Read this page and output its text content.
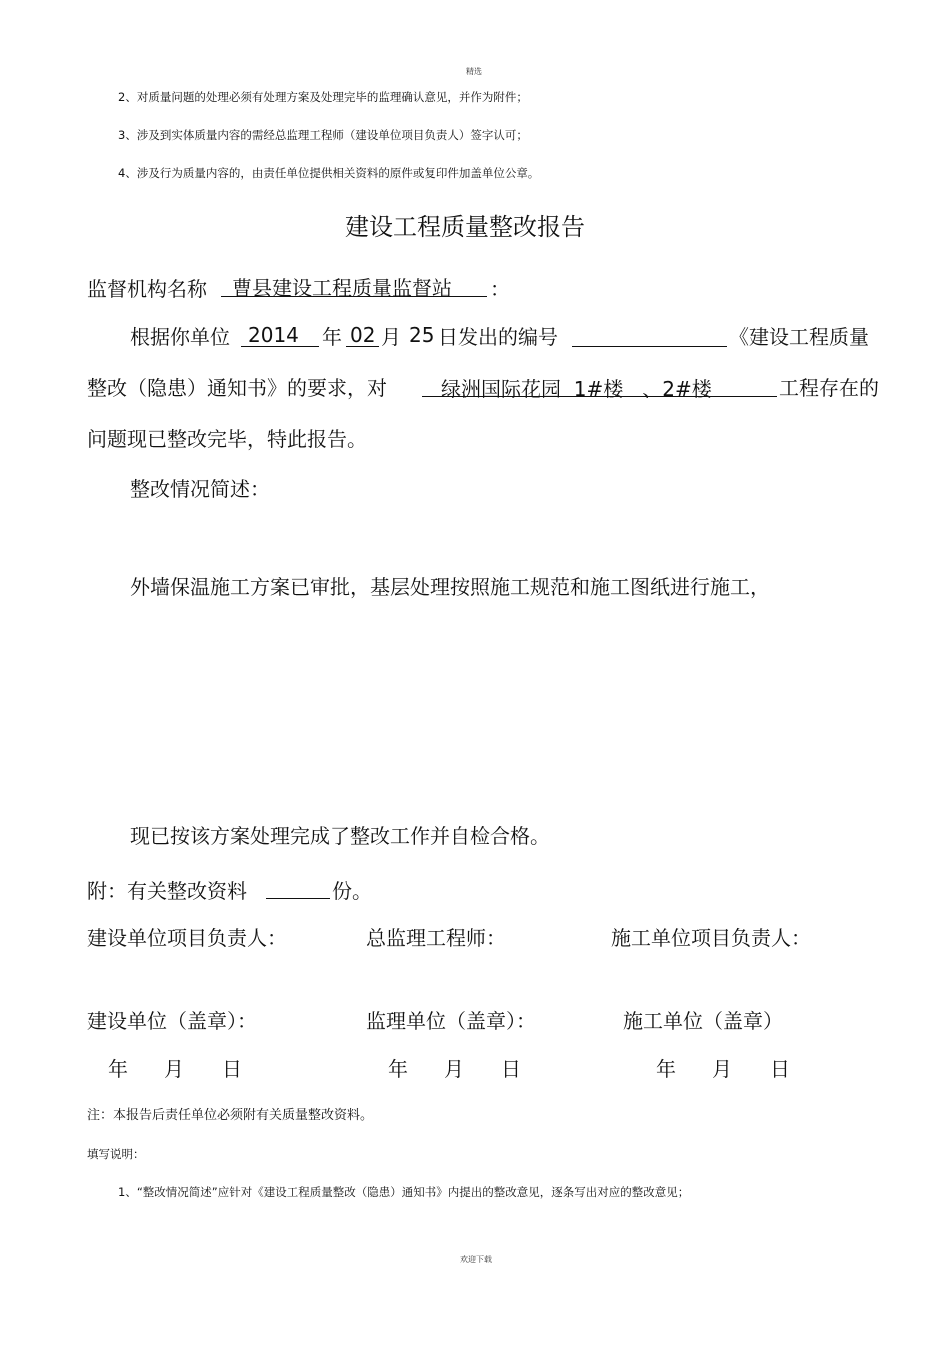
精选
2、对质量问题的处理必须有处理方案及处理完毕的监理确认意见，并作为附件；
3、涉及到实体质量内容的需经总监理工程师（建设单位项目负责人）签字认可；
4、涉及行为质量内容的，由责任单位提供相关资料的原件或复印件加盖单位公章。
建设工程质量整改报告
监督机构名称 曹县建设工程质量监督站 ：
根据你单位 2014 年 02 月 25 日发出的编号	《建设工程质量
整改（隐患）通知书》的要求，对	绿洲国际花园  1#楼   、2#楼	工程存在的
问题现已整改完毕，特此报告。
整改情况简述：
外墙保温施工方案已审批，基层处理按照施工规范和施工图纸进行施工，
现已按该方案处理完成了整改工作并自检合格。
附：有关整改资料	份。
建设单位项目负责人：	总监理工程师：	施工单位项目负责人：
建设单位（盖章）：	监理单位（盖章）：	施工单位（盖章）
年 月 日	年 月 日	年 月 日
注：本报告后责任单位必须附有关质量整改资料。
填写说明：
1、“整改情况简述”应针对《建设工程质量整改（隐患）通知书》内提出的整改意见，逐条写出对应的整改意见；
欢迎下载
